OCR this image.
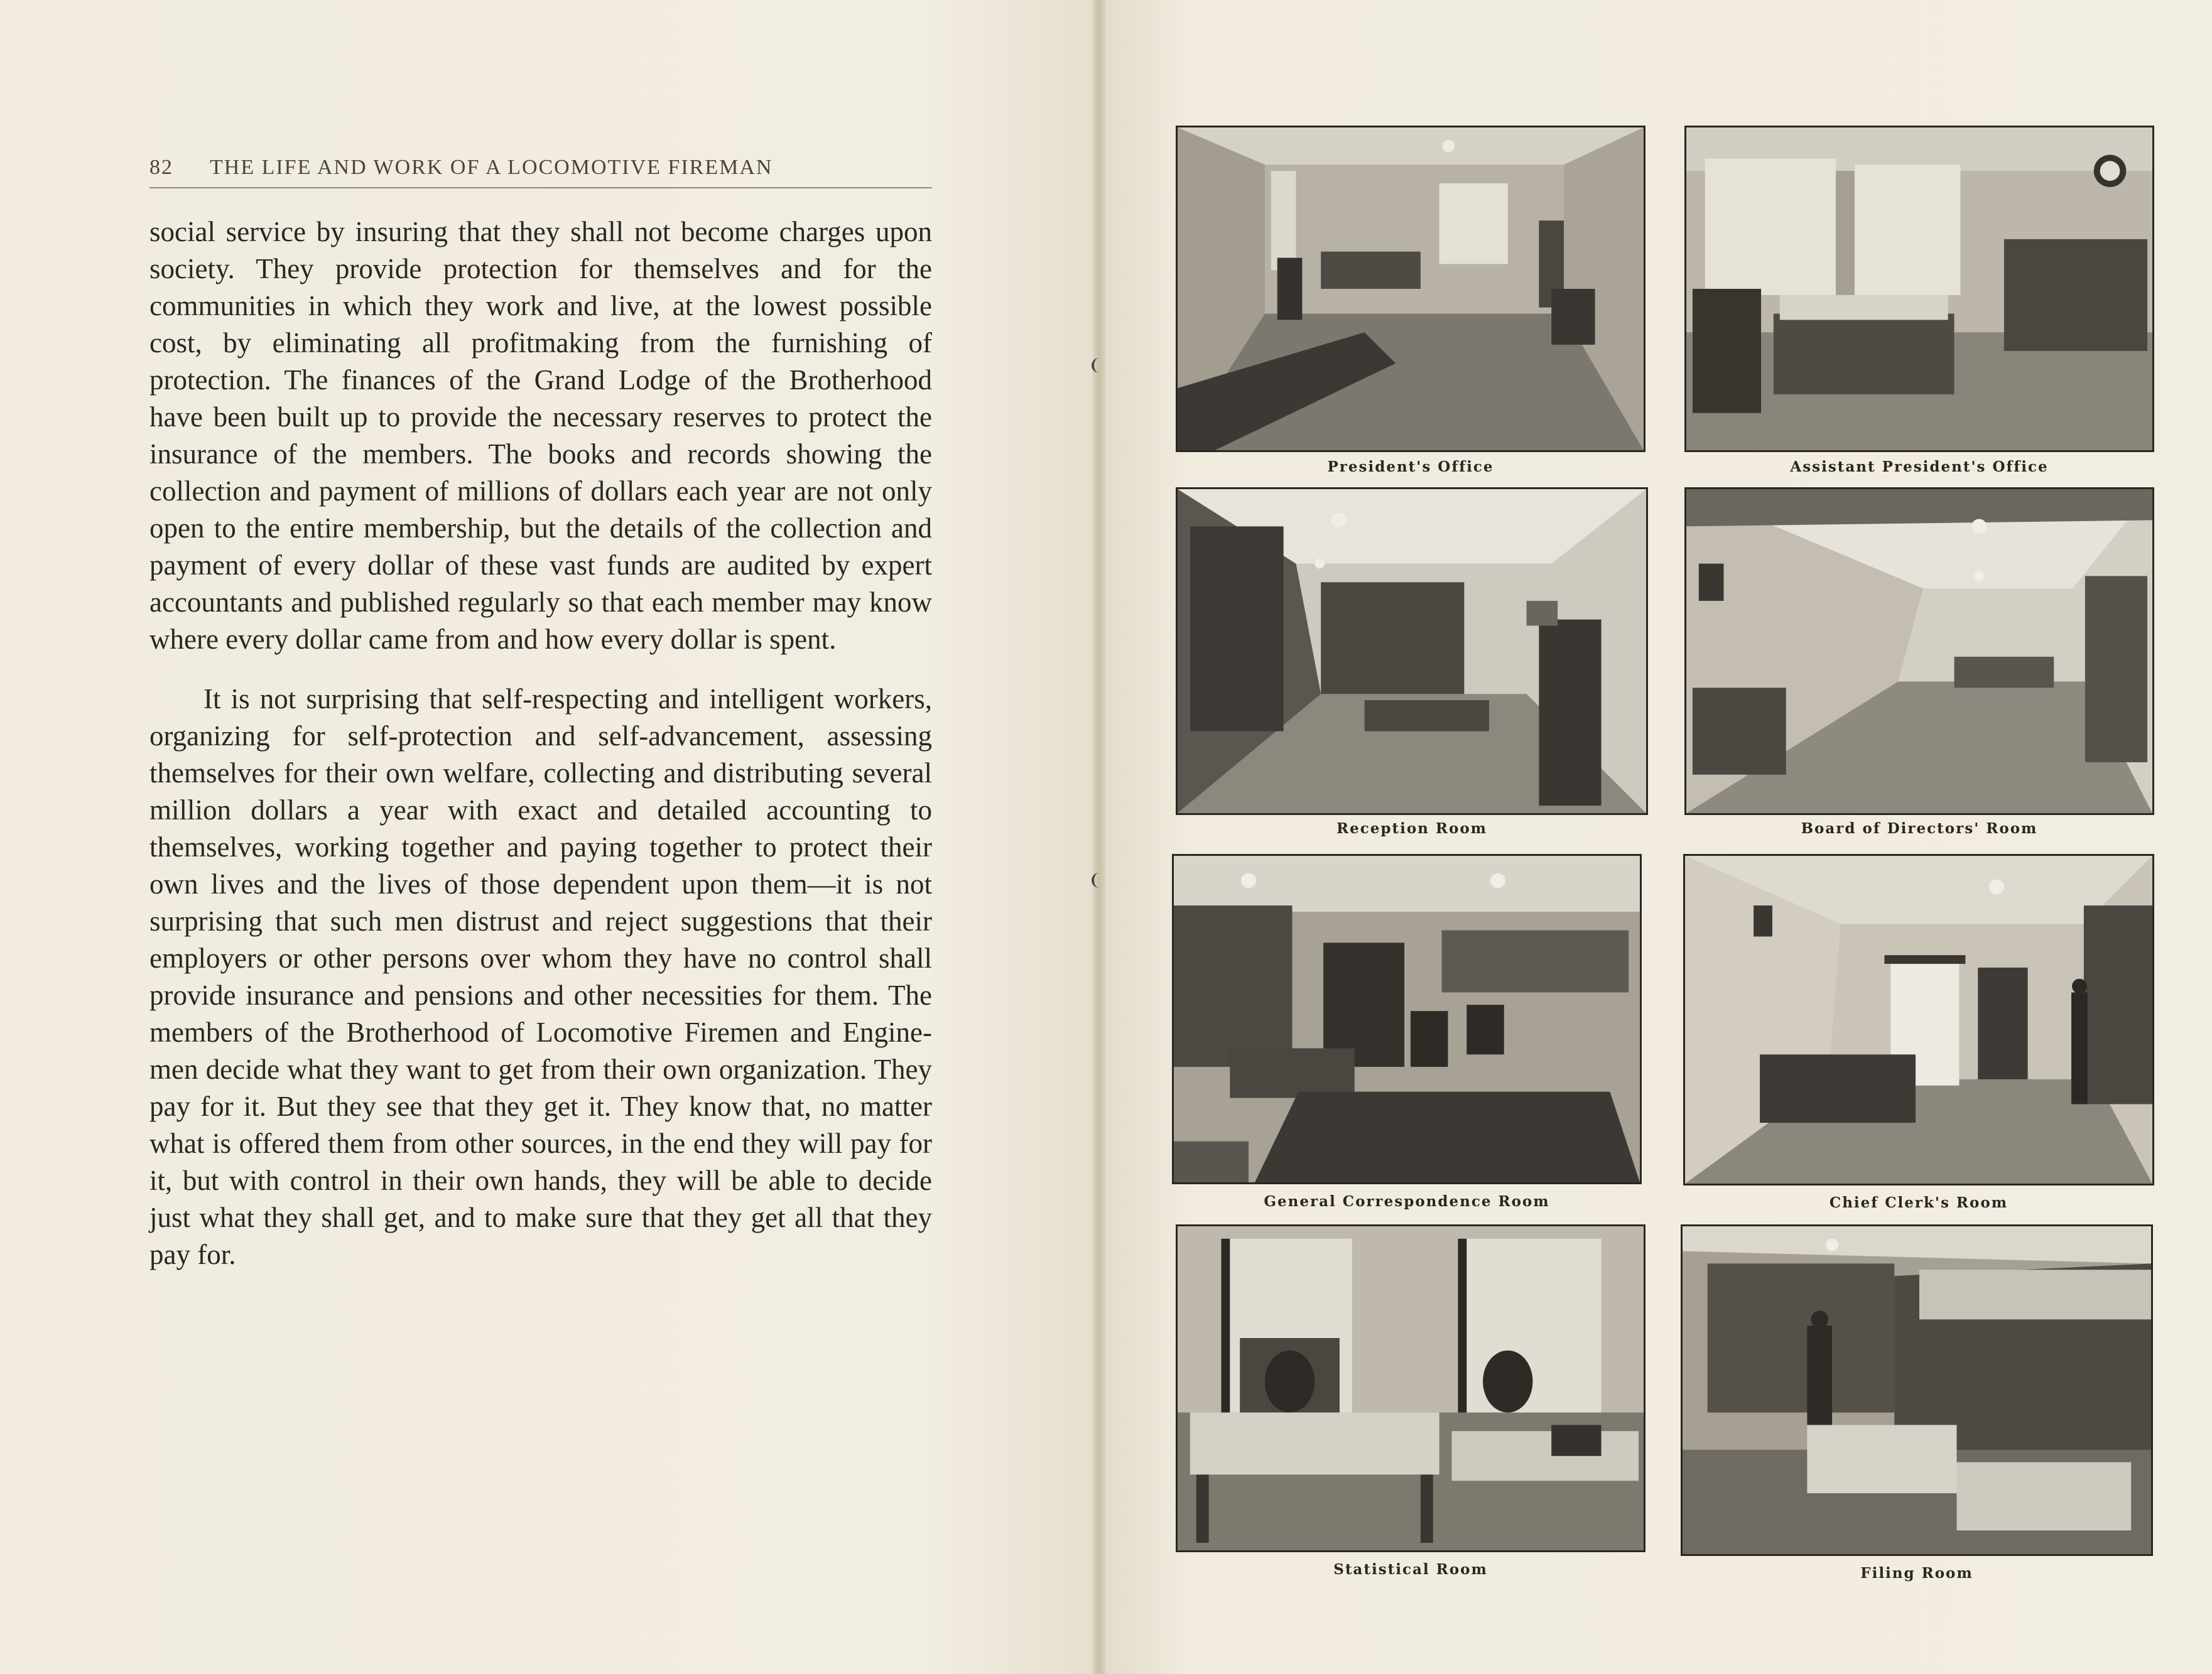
82 THE LIFE AND WORK OF A LOCOMOTIVE FIREMAN

social service by insuring that they shall not become charges upon society. They provide protection for themselves and for the communities in which they work and live, at the lowest possible cost, by eliminating all profitmaking from the furnishing of protection. The finances of the Grand Lodge of the Brotherhood have been built up to provide the necessary reserves to protect the insurance of the members. The books and records showing the collection and payment of millions of dollars each year are not only open to the entire membership, but the details of the collection and payment of every dollar of these vast funds are audited by expert accountants and published regularly so that each member may know where every dollar came from and how every dollar is spent.

It is not surprising that self-respecting and intelligent workers, organizing for self-protection and self-advancement, assessing themselves for their own welfare, collecting and distributing several million dollars a year with exact and detailed accounting to themselves, working together and paying together to protect their own lives and the lives of those dependent upon them—it is not surprising that such men distrust and reject suggestions that their employers or other persons over whom they have no control shall provide insurance and pensions and other necessities for them. The members of the Brotherhood of Locomotive Firemen and Enginemen decide what they want to get from their own organization. They pay for it. But they see that they get it. They know that, no matter what is offered them from other sources, in the end they will pay for it, but with control in their own hands, they will be able to decide just what they shall get, and to make sure that they get all that they pay for.

President's Office	Assistant President's Office
Reception Room	Board of Directors' Room
General Correspondence Room	Chief Clerk's Room
Statistical Room	Filing Room
